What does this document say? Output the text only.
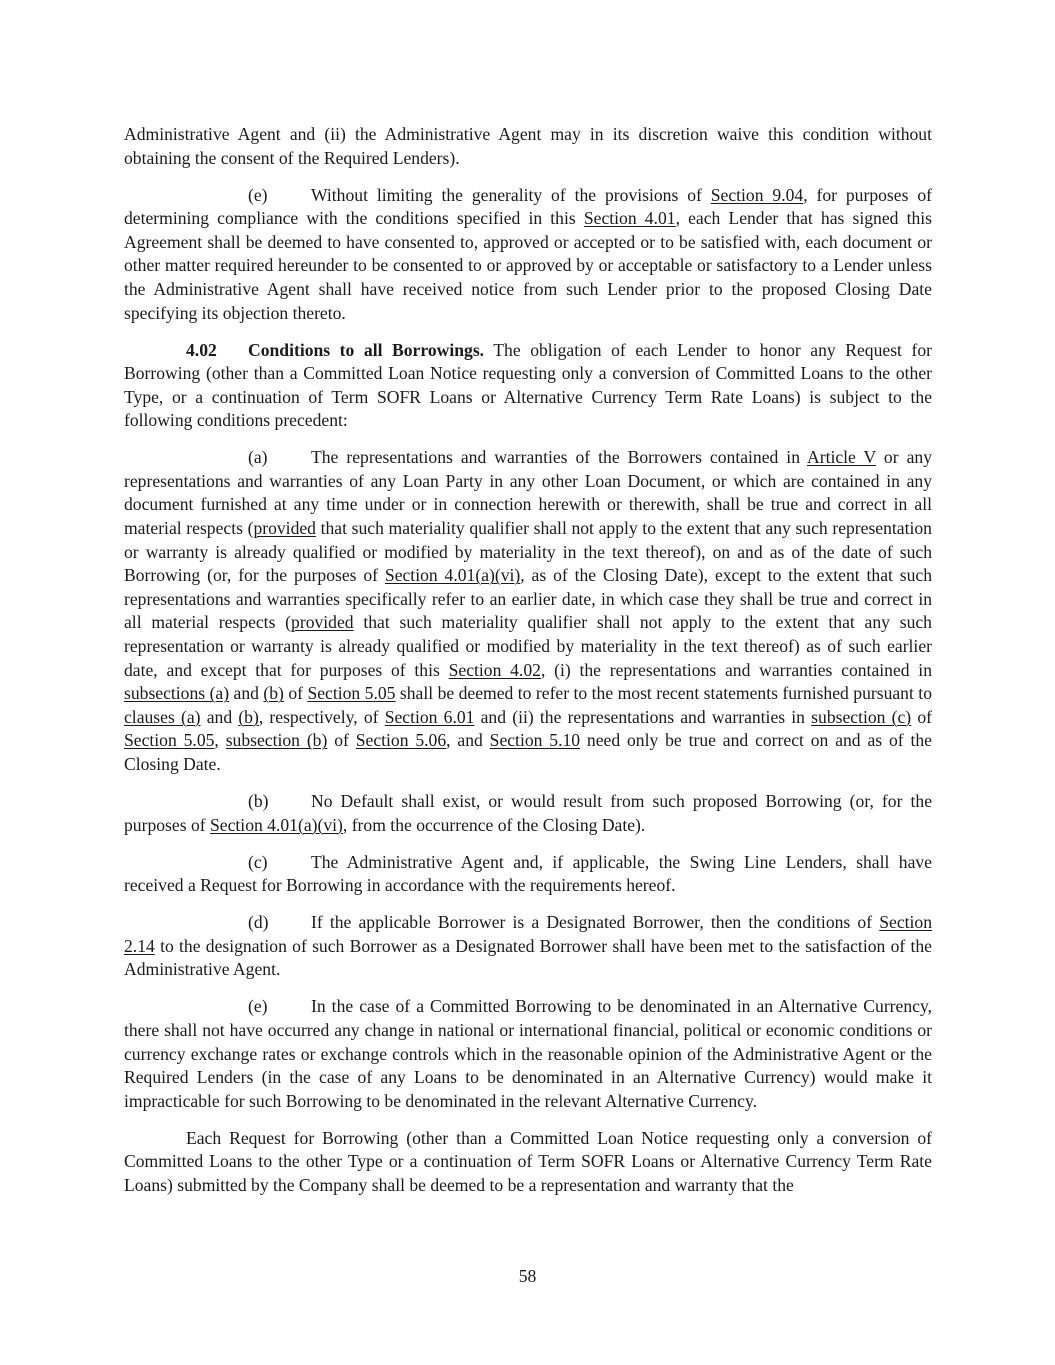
Administrative Agent and (ii) the Administrative Agent may in its discretion waive this condition without obtaining the consent of the Required Lenders).

(e) Without limiting the generality of the provisions of Section 9.04, for purposes of determining compliance with the conditions specified in this Section 4.01, each Lender that has signed this Agreement shall be deemed to have consented to, approved or accepted or to be satisfied with, each document or other matter required hereunder to be consented to or approved by or acceptable or satisfactory to a Lender unless the Administrative Agent shall have received notice from such Lender prior to the proposed Closing Date specifying its objection thereto.

4.02 Conditions to all Borrowings. The obligation of each Lender to honor any Request for Borrowing (other than a Committed Loan Notice requesting only a conversion of Committed Loans to the other Type, or a continuation of Term SOFR Loans or Alternative Currency Term Rate Loans) is subject to the following conditions precedent:

(a) The representations and warranties of the Borrowers contained in Article V or any representations and warranties of any Loan Party in any other Loan Document, or which are contained in any document furnished at any time under or in connection herewith or therewith, shall be true and correct in all material respects (provided that such materiality qualifier shall not apply to the extent that any such representation or warranty is already qualified or modified by materiality in the text thereof), on and as of the date of such Borrowing (or, for the purposes of Section 4.01(a)(vi), as of the Closing Date), except to the extent that such representations and warranties specifically refer to an earlier date, in which case they shall be true and correct in all material respects (provided that such materiality qualifier shall not apply to the extent that any such representation or warranty is already qualified or modified by materiality in the text thereof) as of such earlier date, and except that for purposes of this Section 4.02, (i) the representations and warranties contained in subsections (a) and (b) of Section 5.05 shall be deemed to refer to the most recent statements furnished pursuant to clauses (a) and (b), respectively, of Section 6.01 and (ii) the representations and warranties in subsection (c) of Section 5.05, subsection (b) of Section 5.06, and Section 5.10 need only be true and correct on and as of the Closing Date.

(b) No Default shall exist, or would result from such proposed Borrowing (or, for the purposes of Section 4.01(a)(vi), from the occurrence of the Closing Date).

(c) The Administrative Agent and, if applicable, the Swing Line Lenders, shall have received a Request for Borrowing in accordance with the requirements hereof.

(d) If the applicable Borrower is a Designated Borrower, then the conditions of Section 2.14 to the designation of such Borrower as a Designated Borrower shall have been met to the satisfaction of the Administrative Agent.

(e) In the case of a Committed Borrowing to be denominated in an Alternative Currency, there shall not have occurred any change in national or international financial, political or economic conditions or currency exchange rates or exchange controls which in the reasonable opinion of the Administrative Agent or the Required Lenders (in the case of any Loans to be denominated in an Alternative Currency) would make it impracticable for such Borrowing to be denominated in the relevant Alternative Currency.

Each Request for Borrowing (other than a Committed Loan Notice requesting only a conversion of Committed Loans to the other Type or a continuation of Term SOFR Loans or Alternative Currency Term Rate Loans) submitted by the Company shall be deemed to be a representation and warranty that the

58
